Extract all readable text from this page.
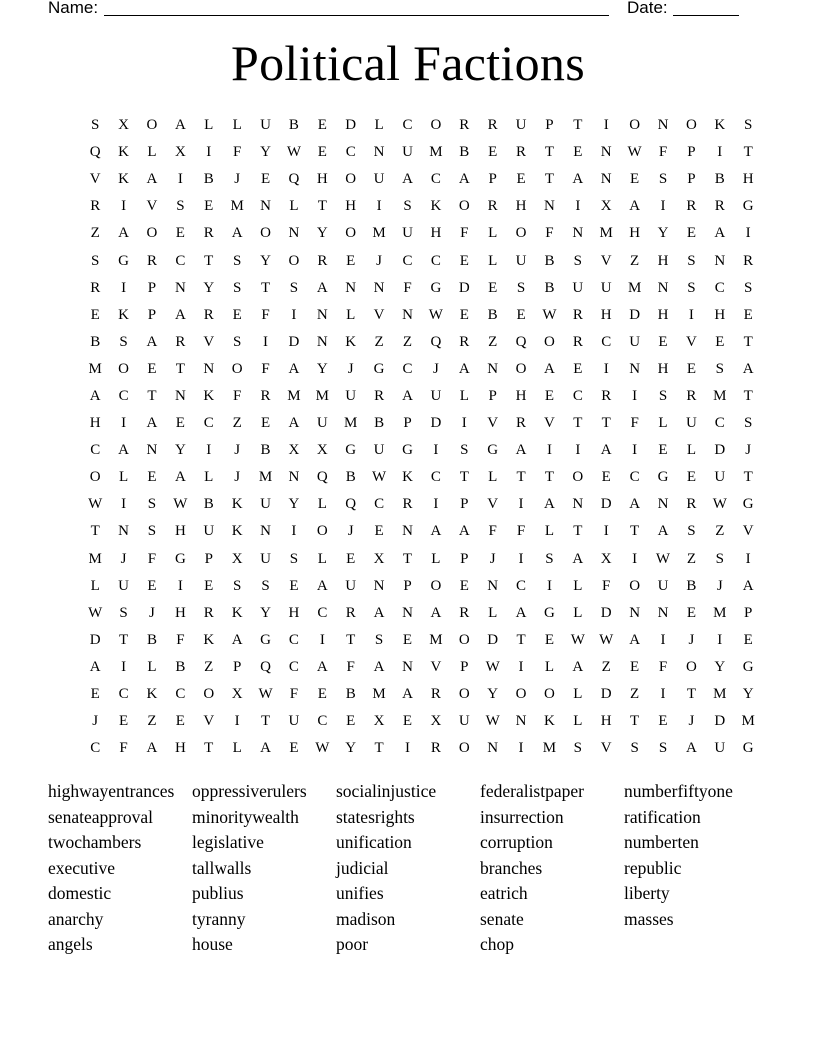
Name:	Date:
Political Factions
S	X	O	A	L	L	U	B	E	D	L	C	O	R	R	U	P	T	I	O	N	O	K	S
Q	K	L	X	I	F	Y	W	E	C	N	U	M	B	E	R	T	E	N	W	F	P	I	T
V	K	A	I	B	J	E	Q	H	O	U	A	C	A	P	E	T	A	N	E	S	P	B	H
R	I	V	S	E	M	N	L	T	H	I	S	K	O	R	H	N	I	X	A	I	R	R	G
Z	A	O	E	R	A	O	N	Y	O	M	U	H	F	L	O	F	N	M	H	Y	E	A	I
S	G	R	C	T	S	Y	O	R	E	J	C	C	E	L	U	B	S	V	Z	H	S	N	R
R	I	P	N	Y	S	T	S	A	N	N	F	G	D	E	S	B	U	U	M	N	S	C	S
E	K	P	A	R	E	F	I	N	L	V	N	W	E	B	E	W	R	H	D	H	I	H	E
B	S	A	R	V	S	I	D	N	K	Z	Z	Q	R	Z	Q	O	R	C	U	E	V	E	T
M	O	E	T	N	O	F	A	Y	J	G	C	J	A	N	O	A	E	I	N	H	E	S	A
A	C	T	N	K	F	R	M	M	U	R	A	U	L	P	H	E	C	R	I	S	R	M	T
H	I	A	E	C	Z	E	A	U	M	B	P	D	I	V	R	V	T	T	F	L	U	C	S
C	A	N	Y	I	J	B	X	X	G	U	G	I	S	G	A	I	I	A	I	E	L	D	J
O	L	E	A	L	J	M	N	Q	B	W	K	C	T	L	T	T	O	E	C	G	E	U	T
W	I	S	W	B	K	U	Y	L	Q	C	R	I	P	V	I	A	N	D	A	N	R	W	G
T	N	S	H	U	K	N	I	O	J	E	N	A	A	F	F	L	T	I	T	A	S	Z	V
M	J	F	G	P	X	U	S	L	E	X	T	L	P	J	I	S	A	X	I	W	Z	S	I
L	U	E	I	E	S	S	E	A	U	N	P	O	E	N	C	I	L	F	O	U	B	J	A
W	S	J	H	R	K	Y	H	C	R	A	N	A	R	L	A	G	L	D	N	N	E	M	P
D	T	B	F	K	A	G	C	I	T	S	E	M	O	D	T	E	W W	A	I	J	I	E
A	I	L	B	Z	P	Q	C	A	F	A	N	V	P	W	I	L	A	Z	E	F	O	Y	G
E	C	K	C	O	X	W	F	E	B	M	A	R	O	Y	O	O	L	D	Z	I	T	M	Y
J	E	Z	E	V	I	T	U	C	E	X	E	X	U	W	N	K	L	H	T	E	J	D	M
C	F	A	H	T	L	A	E	W	Y	T	I	R	O	N	I	M	S	V	S	S	A	U	G
highwayentrances
senateapproval
twochambers
executive
domestic
anarchy
angels
oppressiverulers
minoritywealth
legislative
tallwalls
publius
tyranny
house
socialinjustice
statesrights
unification
judicial
unifies
madison
poor
federalistpaper
insurrection
corruption
branches
eatrich
senate
chop
numberfiftyone
ratification
numberten
republic
liberty
masses
